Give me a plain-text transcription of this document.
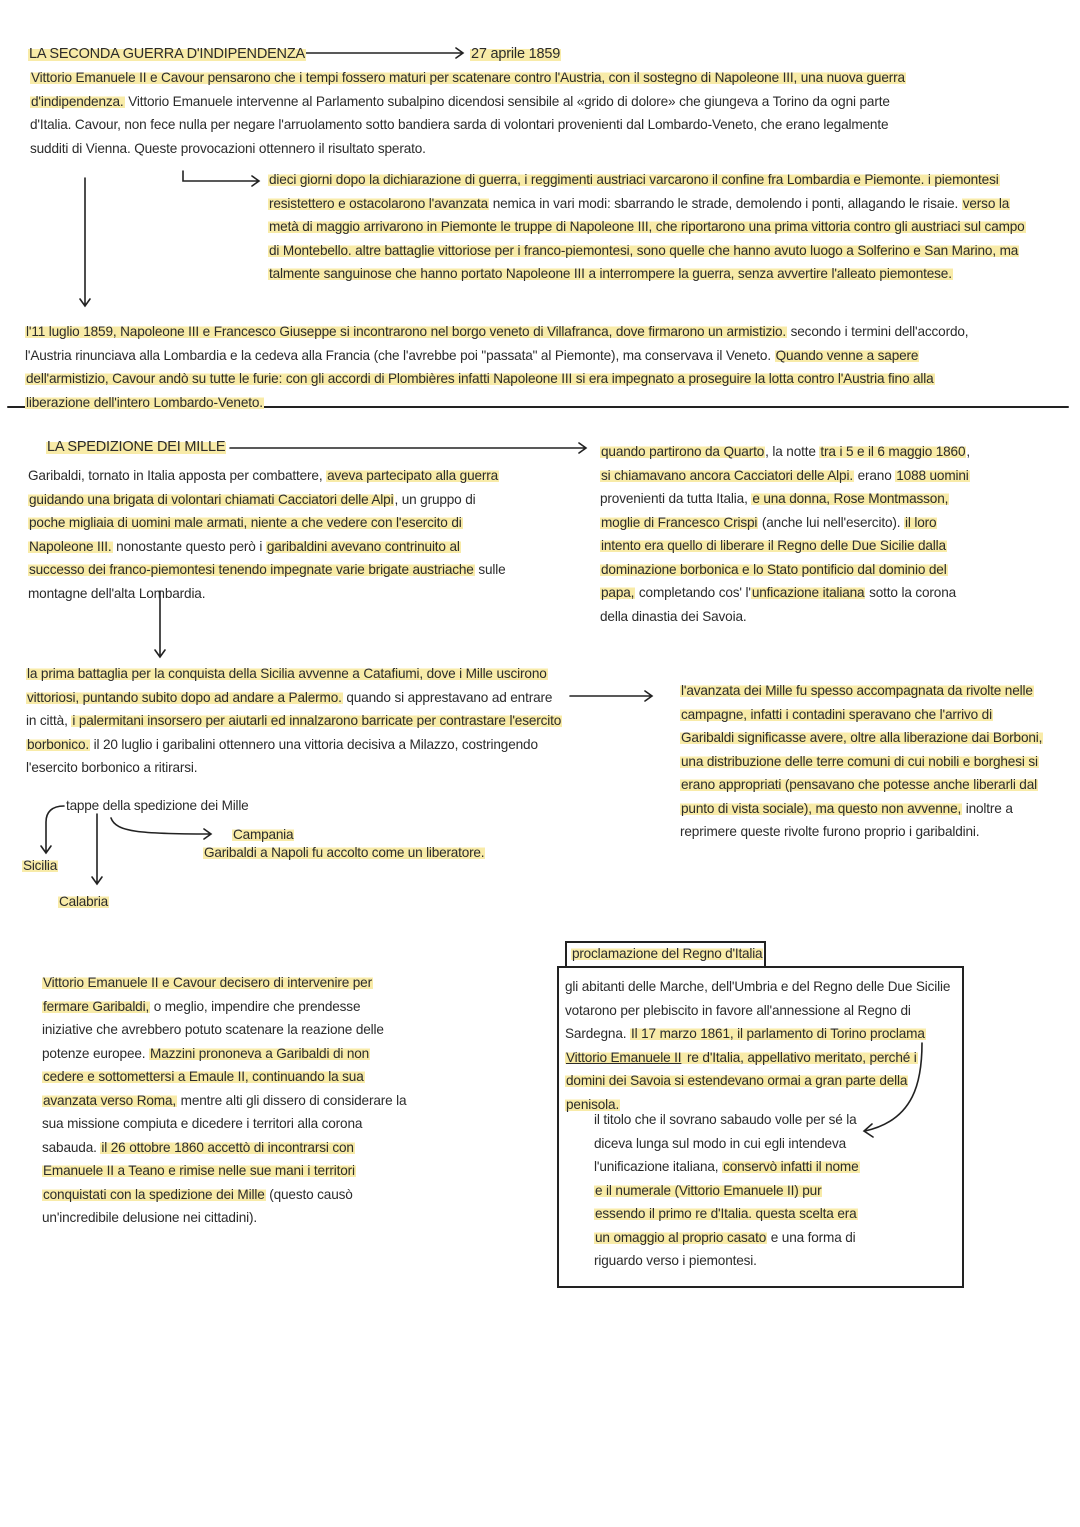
LA SECONDA GUERRA D'INDIPENDENZA	27 aprile 1859

Vittorio Emanuele II e Cavour pensarono che i tempi fossero maturi per scatenare contro l'Austria, con il sostegno di Napoleone III, una nuova guerra d'indipendenza. Vittorio Emanuele intervenne al Parlamento subalpino dicendosi sensibile al «grido di dolore» che giungeva a Torino da ogni parte d'Italia. Cavour, non fece nulla per negare l'arruolamento sotto bandiera sarda di volontari provenienti dal Lombardo-Veneto, che erano legalmente sudditi di Vienna. Queste provocazioni ottennero il risultato sperato.

dieci giorni dopo la dichiarazione di guerra, i reggimenti austriaci varcarono il confine fra Lombardia e Piemonte. i piemontesi resistettero e ostacolarono l'avanzata nemica in vari modi: sbarrando le strade, demolendo i ponti, allagando le risaie. verso la metà di maggio arrivarono in Piemonte le truppe di Napoleone III, che riportarono una prima vittoria contro gli austriaci sul campo di Montebello. altre battaglie vittoriose per i franco-piemontesi, sono quelle che hanno avuto luogo a Solferino e San Marino, ma talmente sanguinose che hanno portato Napoleone III a interrompere la guerra, senza avvertire l'alleato piemontese.

l'11 luglio 1859, Napoleone III e Francesco Giuseppe si incontrarono nel borgo veneto di Villafranca, dove firmarono un armistizio. secondo i termini dell'accordo, l'Austria rinunciava alla Lombardia e la cedeva alla Francia (che l'avrebbe poi "passata" al Piemonte), ma conservava il Veneto. Quando venne a sapere dell'armistizio, Cavour andò su tutte le furie: con gli accordi di Plombières infatti Napoleone III si era impegnato a proseguire la lotta contro l'Austria fino alla liberazione dell'intero Lombardo-Veneto.

LA SPEDIZIONE DEI MILLE

Garibaldi, tornato in Italia apposta per combattere, aveva partecipato alla guerra guidando una brigata di volontari chiamati Cacciatori delle Alpi, un gruppo di poche migliaia di uomini male armati, niente a che vedere con l'esercito di Napoleone III. nonostante questo però i garibaldini avevano contrinuito al successo dei franco-piemontesi tenendo impegnate varie brigate austriache sulle montagne dell'alta Lombardia.

quando partirono da Quarto, la notte tra i 5 e il 6 maggio 1860, si chiamavano ancora Cacciatori delle Alpi. erano 1088 uomini provenienti da tutta Italia, e una donna, Rose Montmasson, moglie di Francesco Crispi (anche lui nell'esercito). il loro intento era quello di liberare il Regno delle Due Sicilie dalla dominazione borbonica e lo Stato pontificio dal dominio del papa, completando cos' l'unficazione italiana sotto la corona della dinastia dei Savoia.

la prima battaglia per la conquista della Sicilia avvenne a Catafiumi, dove i Mille uscirono vittoriosi, puntando subito dopo ad andare a Palermo. quando si apprestavano ad entrare in città, i palermitani insorsero per aiutarli ed innalzarono barricate per contrastare l'esercito borbonico. il 20 luglio i garibalini ottennero una vittoria decisiva a Milazzo, costringendo l'esercito borbonico a ritirarsi.

l'avanzata dei Mille fu spesso accompagnata da rivolte nelle campagne, infatti i contadini speravano che l'arrivo di Garibaldi significasse avere, oltre alla liberazione dai Borboni, una distribuzione delle terre comuni di cui nobili e borghesi si erano appropriati (pensavano che potesse anche liberarli dal punto di vista sociale), ma questo non avvenne, inoltre a reprimere queste rivolte furono proprio i garibaldini.

tappe della spedizione dei Mille
Campania
Garibaldi a Napoli fu accolto come un liberatore.
Sicilia
Calabria

Vittorio Emanuele II e Cavour decisero di intervenire per fermare Garibaldi, o meglio, impendire che prendesse iniziative che avrebbero potuto scatenare la reazione delle potenze europee. Mazzini prononeva a Garibaldi di non cedere e sottomettersi a Emaule II, continuando la sua avanzata verso Roma, mentre alti gli dissero di considerare la sua missione compiuta e dicedere i territori alla corona sabauda. il 26 ottobre 1860 accettò di incontrarsi con Emanuele II a Teano e rimise nelle sue mani i territori conquistati con la spedizione dei Mille (questo causò un'incredibile delusione nei cittadini).

proclamazione del Regno d'Italia

gli abitanti delle Marche, dell'Umbria e del Regno delle Due Sicilie votarono per plebiscito in favore all'annessione al Regno di Sardegna. Il 17 marzo 1861, il parlamento di Torino proclama Vittorio Emanuele II re d'Italia, appellativo meritato, perché i domini dei Savoia si estendevano ormai a gran parte della penisola.

il titolo che il sovrano sabaudo volle per sé la diceva lunga sul modo in cui egli intendeva l'unificazione italiana, conservò infatti il nome e il numerale (Vittorio Emanuele II) pur essendo il primo re d'Italia. questa scelta era un omaggio al proprio casato e una forma di riguardo verso i piemontesi.
